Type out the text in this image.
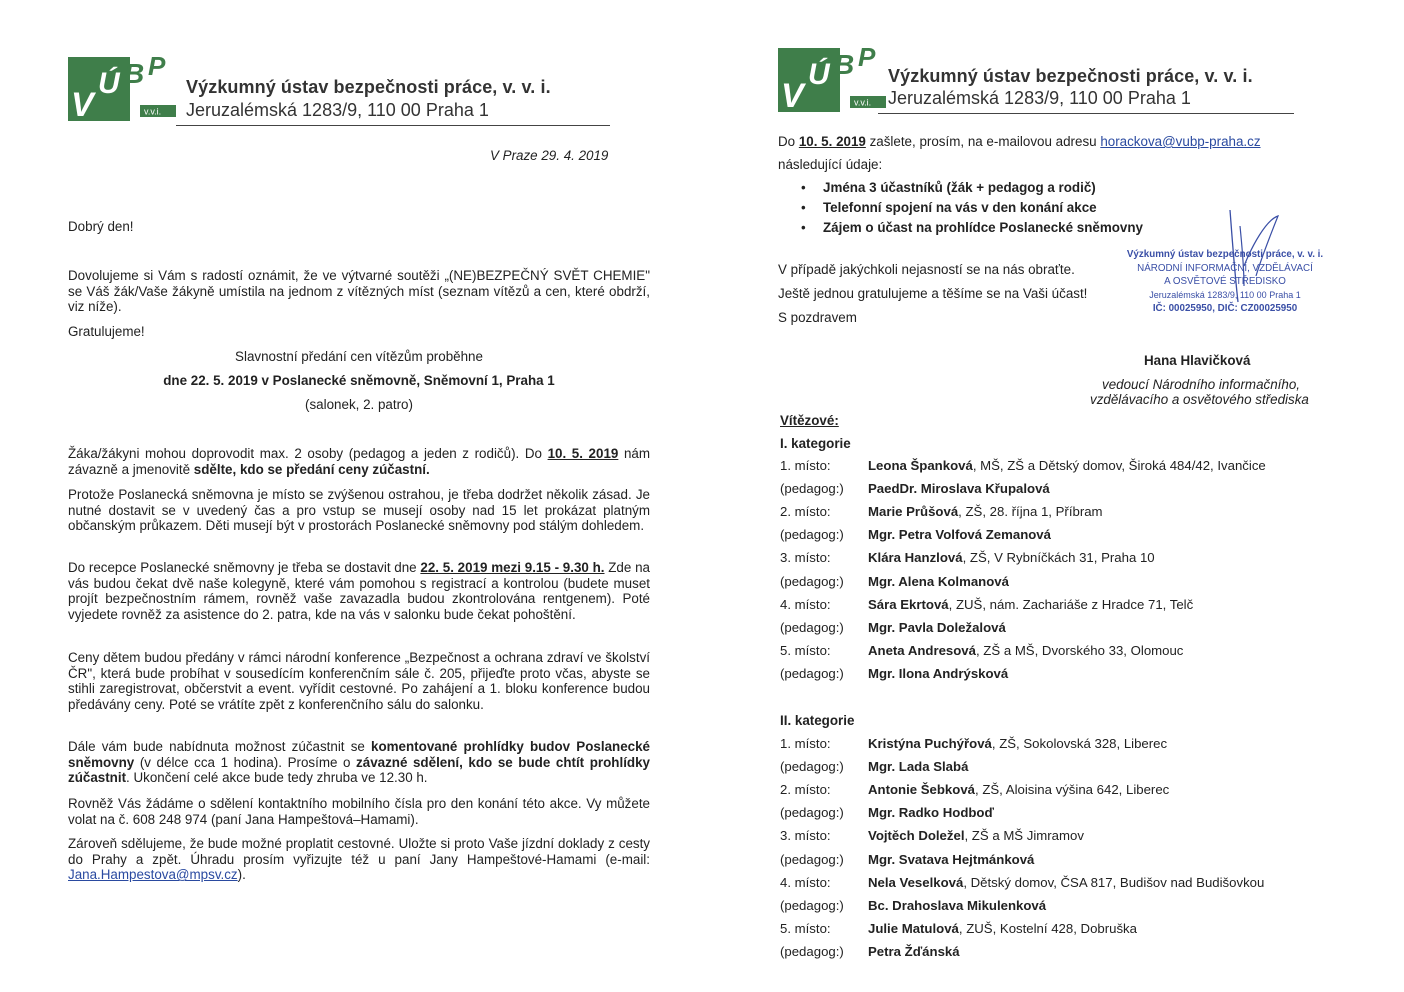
V
Ú B P
v.v.i.
Výzkumný ústav bezpečnosti práce, v. v. i.
Jeruzalémská 1283/9, 110 00 Praha 1
V Praze 29. 4. 2019
Dobrý den!
Dovolujeme si Vám s radostí oznámit, že ve výtvarné soutěži „(NE)BEZPEČNÝ SVĚT CHEMIE" se Váš žák/Vaše žákyně umístila na jednom z vítězných míst (seznam vítězů a cen, které obdrží, viz níže).
Gratulujeme!
Slavnostní předání cen vítězům proběhne
dne 22. 5. 2019 v Poslanecké sněmovně, Sněmovní 1, Praha 1
(salonek, 2. patro)
Žáka/žákyni mohou doprovodit max. 2 osoby (pedagog a jeden z rodičů). Do 10. 5. 2019 nám závazně a jmenovitě sdělte, kdo se předání ceny zúčastní.
Protože Poslanecká sněmovna je místo se zvýšenou ostrahou, je třeba dodržet několik zásad. Je nutné dostavit se v uvedený čas a pro vstup se musejí osoby nad 15 let prokázat platným občanským průkazem. Děti musejí být v prostorách Poslanecké sněmovny pod stálým dohledem.
Do recepce Poslanecké sněmovny je třeba se dostavit dne 22. 5. 2019 mezi 9.15 - 9.30 h. Zde na vás budou čekat dvě naše kolegyně, které vám pomohou s registrací a kontrolou (budete muset projít bezpečnostním rámem, rovněž vaše zavazadla budou zkontrolována rentgenem). Poté vyjedete rovněž za asistence do 2. patra, kde na vás v salonku bude čekat pohoštění.
Ceny dětem budou předány v rámci národní konference „Bezpečnost a ochrana zdraví ve školství ČR", která bude probíhat v sousedícím konferenčním sále č. 205, přijeďte proto včas, abyste se stihli zaregistrovat, občerstvit a event. vyřídit cestovné. Po zahájení a 1. bloku konference budou předávány ceny. Poté se vrátíte zpět z konferenčního sálu do salonku.
Dále vám bude nabídnuta možnost zúčastnit se komentované prohlídky budov Poslanecké sněmovny (v délce cca 1 hodina). Prosíme o závazné sdělení, kdo se bude chtít prohlídky zúčastnit. Ukončení celé akce bude tedy zhruba ve 12.30 h.
Rovněž Vás žádáme o sdělení kontaktního mobilního čísla pro den konání této akce. Vy můžete volat na č. 608 248 974 (paní Jana Hampeštová–Hamami).
Zároveň sdělujeme, že bude možné proplatit cestovné. Uložte si proto Vaše jízdní doklady z cesty do Prahy a zpět. Úhradu prosím vyřizujte též u paní Jany Hampeštové-Hamami (e-mail: Jana.Hampestova@mpsv.cz).
V
Ú B P
v.v.i.
Výzkumný ústav bezpečnosti práce, v. v. i.
Jeruzalémská 1283/9, 110 00 Praha 1
Do 10. 5. 2019 zašlete, prosím, na e-mailovou adresu horackova@vubp-praha.cz
následující údaje:
• Jména 3 účastníků (žák + pedagog a rodič)
• Telefonní spojení na vás v den konání akce
• Zájem o účast na prohlídce Poslanecké sněmovny
V případě jakýchkoli nejasností se na nás obraťte.
Ještě jednou gratulujeme a těšíme se na Vaši účast!
S pozdravem
Výzkumný ústav bezpečnosti práce, v. v. i.
NÁRODNÍ INFORMAČNÍ, VZDĚLÁVACÍ
A OSVĚTOVÉ STŘEDISKO
Jeruzalémská 1283/9, 110 00 Praha 1
IČ: 00025950, DIČ: CZ00025950
Hana Hlavičková
vedoucí Národního informačního,
vzdělávacího a osvětového střediska
Vítězové:
I. kategorie
1. místo:	Leona Španková, MŠ, ZŠ a Dětský domov, Široká 484/42, Ivančice
(pedagog:) PaedDr. Miroslava Křupalová
2. místo:	Marie Průšová, ZŠ, 28. října 1, Příbram
(pedagog:) Mgr. Petra Volfová Zemanová
3. místo:	Klára Hanzlová, ZŠ, V Rybníčkách 31, Praha 10
(pedagog:) Mgr. Alena Kolmanová
4. místo:	Sára Ekrtová, ZUŠ, nám. Zachariáše z Hradce 71, Telč
(pedagog:) Mgr. Pavla Doležalová
5. místo:	Aneta Andresová, ZŠ a MŠ, Dvorského 33, Olomouc
(pedagog:) Mgr. Ilona Andrýsková
II. kategorie
1. místo:	Kristýna Puchýřová, ZŠ, Sokolovská 328, Liberec
(pedagog:) Mgr. Lada Slabá
2. místo:	Antonie Šebková, ZŠ, Aloisina výšina 642, Liberec
(pedagog:) Mgr. Radko Hodboď
3. místo:	Vojtěch Doležel, ZŠ a MŠ Jimramov
(pedagog:) Mgr. Svatava Hejtmánková
4. místo:	Nela Veselková, Dětský domov, ČSA 817, Budišov nad Budišovkou
(pedagog:) Bc. Drahoslava Mikulenková
5. místo:	Julie Matulová, ZUŠ, Kostelní 428, Dobruška
(pedagog:) Petra Žďánská
